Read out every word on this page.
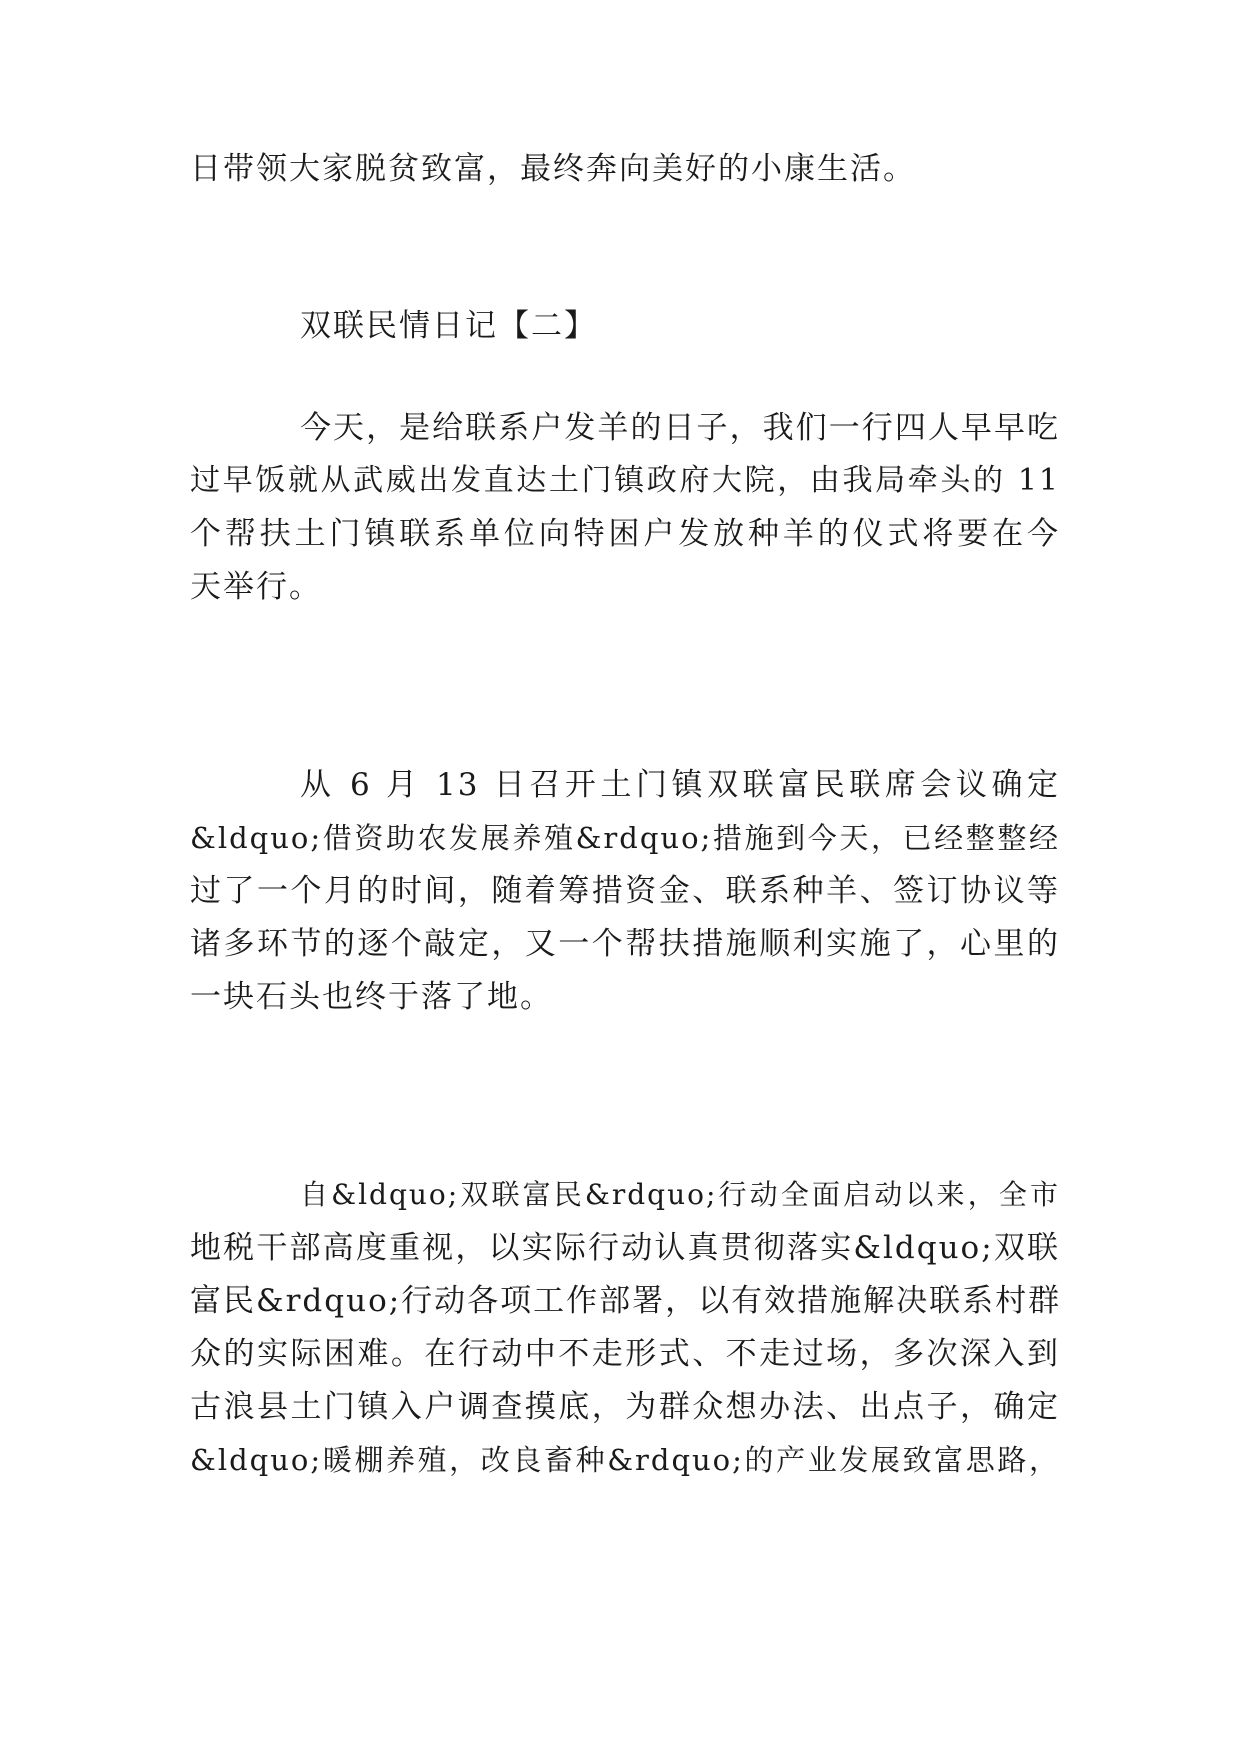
日带领大家脱贫致富，最终奔向美好的小康生活。
双联民情日记【二】
今天，是给联系户发羊的日子，我们一行四人早早吃
过早饭就从武威出发直达土门镇政府大院，由我局牵头的 11
个帮扶土门镇联系单位向特困户发放种羊的仪式将要在今
天举行。
从 6 月 13 日召开土门镇双联富民联席会议确定
&ldquo;借资助农发展养殖&rdquo;措施到今天，已经整整经
过了一个月的时间，随着筹措资金、联系种羊、签订协议等
诸多环节的逐个敲定，又一个帮扶措施顺利实施了，心里的
一块石头也终于落了地。
自&ldquo;双联富民&rdquo;行动全面启动以来，全市
地税干部高度重视，以实际行动认真贯彻落实&ldquo;双联
富民&rdquo;行动各项工作部署，以有效措施解决联系村群
众的实际困难。在行动中不走形式、不走过场，多次深入到
古浪县土门镇入户调查摸底，为群众想办法、出点子，确定
&ldquo;暖棚养殖，改良畜种&rdquo;的产业发展致富思路，
